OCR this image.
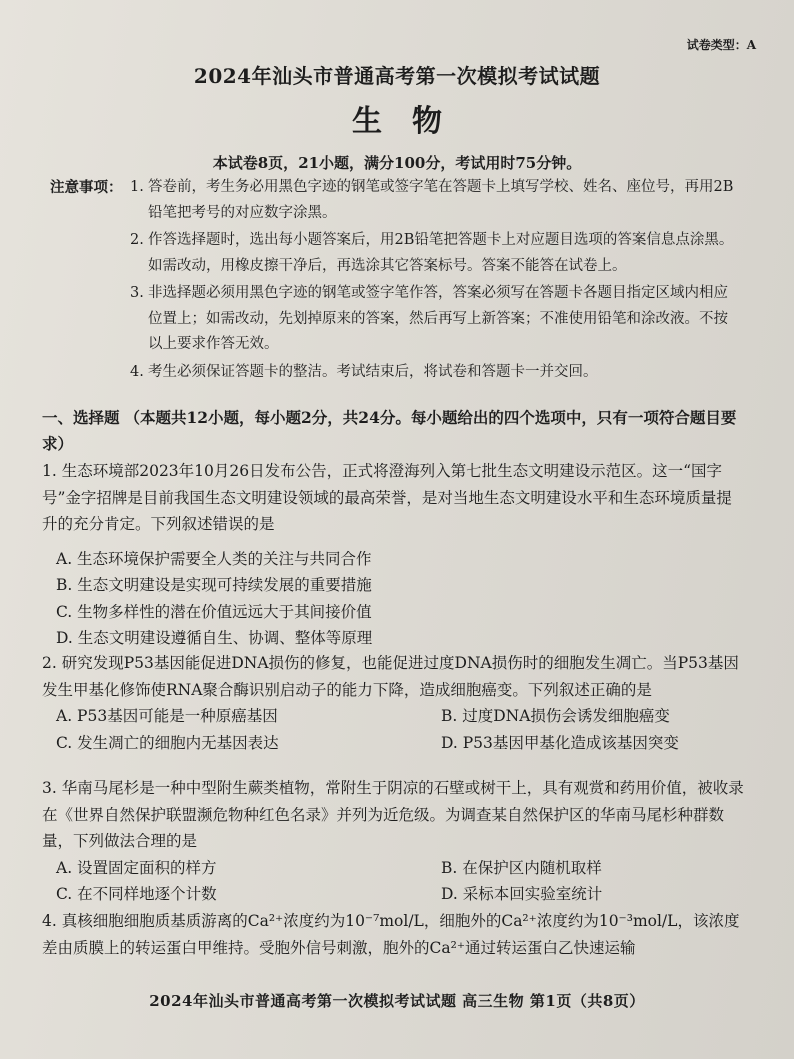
试卷类型：A
2024年汕头市普通高考第一次模拟考试试题
生物
本试卷8页，21小题，满分100分，考试用时75分钟。
注意事项： 1. 答卷前，考生务必用黑色字迹的钢笔或签字笔在答题卡上填写学校、姓名、座位号，再用2B铅笔把考号的对应数字涂黑。
2. 作答选择题时，选出每小题答案后，用2B铅笔把答题卡上对应题目选项的答案信息点涂黑。如需改动，用橡皮擦干净后，再选涂其它答案标号。答案不能答在试卷上。
3. 非选择题必须用黑色字迹的钢笔或签字笔作答，答案必须写在答题卡各题目指定区域内相应位置上；如需改动，先划掉原来的答案，然后再写上新答案；不准使用铅笔和涂改液。不按以上要求作答无效。
4. 考生必须保证答题卡的整洁。考试结束后，将试卷和答题卡一并交回。
一、选择题 （本题共12小题，每小题2分，共24分。每小题给出的四个选项中，只有一项符合题目要求）
1. 生态环境部2023年10月26日发布公告，正式将澄海列入第七批生态文明建设示范区。这一“国字号”金字招牌是目前我国生态文明建设领域的最高荣誉，是对当地生态文明建设水平和生态环境质量提升的充分肯定。下列叙述错误的是
A. 生态环境保护需要全人类的关注与共同合作
B. 生态文明建设是实现可持续发展的重要措施
C. 生物多样性的潜在价值远远大于其间接价值
D. 生态文明建设遵循自生、协调、整体等原理
2. 研究发现P53基因能促进DNA损伤的修复，也能促进过度DNA损伤时的细胞发生凋亡。当P53基因发生甲基化修饰使RNA聚合酶识别启动子的能力下降，造成细胞癌变。下列叙述正确的是
A. P53基因可能是一种原癌基因	B. 过度DNA损伤会诱发细胞癌变
C. 发生凋亡的细胞内无基因表达	D. P53基因甲基化造成该基因突变
3. 华南马尾杉是一种中型附生蕨类植物，常附生于阴凉的石壁或树干上，具有观赏和药用价值，被收录在《世界自然保护联盟濒危物种红色名录》并列为近危级。为调查某自然保护区的华南马尾杉种群数量，下列做法合理的是
A. 设置固定面积的样方	B. 在保护区内随机取样
C. 在不同样地逐个计数	D. 采标本回实验室统计
4. 真核细胞细胞质基质游离的Ca²⁺浓度约为10⁻⁷mol/L，细胞外的Ca²⁺浓度约为10⁻³mol/L，该浓度差由质膜上的转运蛋白甲维持。受胞外信号刺激，胞外的Ca²⁺通过转运蛋白乙快速运输
2024年汕头市普通高考第一次模拟考试试题 高三生物 第1页（共8页）
